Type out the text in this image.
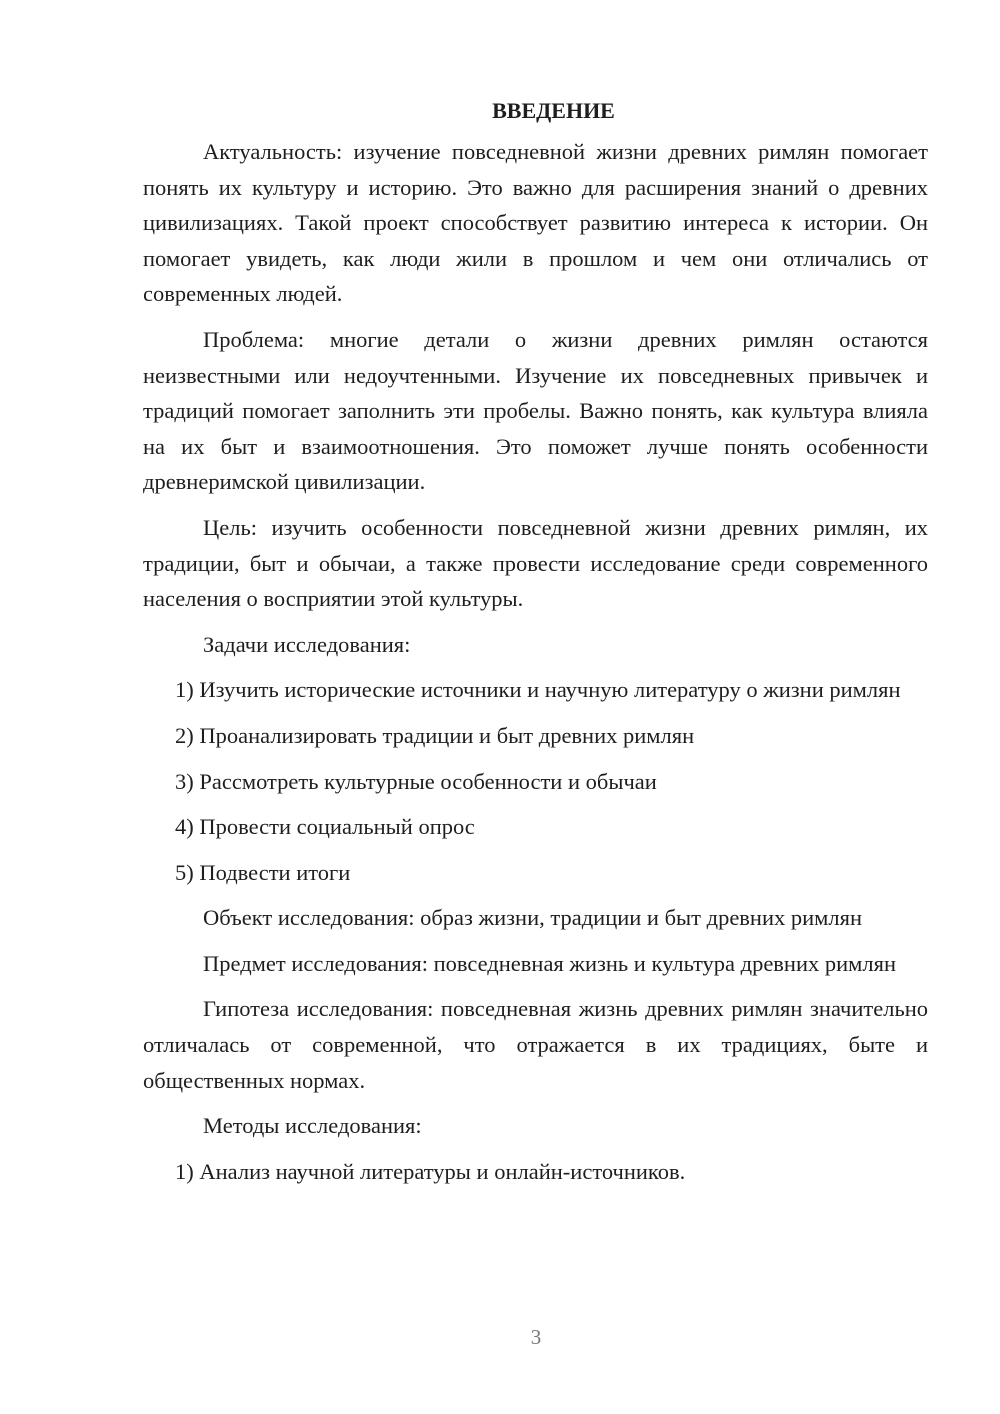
ВВЕДЕНИЕ

Актуальность: изучение повседневной жизни древних римлян помогает понять их культуру и историю. Это важно для расширения знаний о древних цивилизациях. Такой проект способствует развитию интереса к истории. Он помогает увидеть, как люди жили в прошлом и чем они отличались от современных людей.

Проблема: многие детали о жизни древних римлян остаются неизвестными или недоучтенными. Изучение их повседневных привычек и традиций помогает заполнить эти пробелы. Важно понять, как культура влияла на их быт и взаимоотношения. Это поможет лучше понять особенности древнеримской цивилизации.

Цель: изучить особенности повседневной жизни древних римлян, их традиции, быт и обычаи, а также провести исследование среди современного населения о восприятии этой культуры.

Задачи исследования:

1) Изучить исторические источники и научную литературу о жизни римлян

2) Проанализировать традиции и быт древних римлян

3) Рассмотреть культурные особенности и обычаи

4) Провести социальный опрос

5) Подвести итоги

Объект исследования: образ жизни, традиции и быт древних римлян

Предмет исследования: повседневная жизнь и культура древних римлян

Гипотеза исследования: повседневная жизнь древних римлян значительно отличалась от современной, что отражается в их традициях, быте и общественных нормах.

Методы исследования:

1) Анализ научной литературы и онлайн-источников.

3
